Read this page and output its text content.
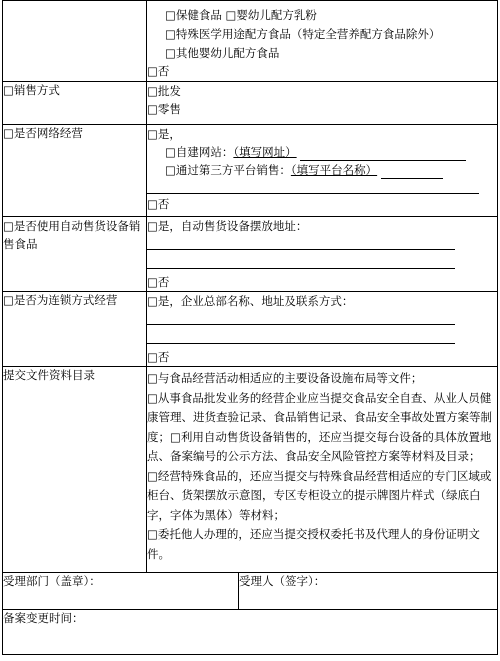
	□保健食品 □婴幼儿配方乳粉
□特殊医学用途配方食品（特定全营养配方食品除外）
□其他婴幼儿配方食品
□否	

□销售方式	□批发
□零售	

□是否网络经营	□是，
□自建网站：（填写网址）
□通过第三方平台销售：（填写平台名称）
□否	

□是否使用自动售货设备销售食品	□是，自动售货设备摆放地址：
□否	

□是否为连锁方式经营	□是，企业总部名称、地址及联系方式：
□否	

提交文件资料目录	□与食品经营活动相适应的主要设备设施布局等文件；
□从事食品批发业务的经营企业应当提交食品安全自查、从业人员健康管理、进货查验记录、食品销售记录、食品安全事故处置方案等制度；□利用自动售货设备销售的，还应当提交每台设备的具体放置地点、备案编号的公示方法、食品安全风险管控方案等材料及目录；
□经营特殊食品的，还应当提交与特殊食品经营相适应的专门区域或柜台、货架摆放示意图，专区专柜设立的提示牌图片样式（绿底白字，字体为黑体）等材料；
□委托他人办理的，还应当提交授权委托书及代理人的身份证明文件。	

受理部门（盖章）：		受理人（签字）：
备案变更时间：		
